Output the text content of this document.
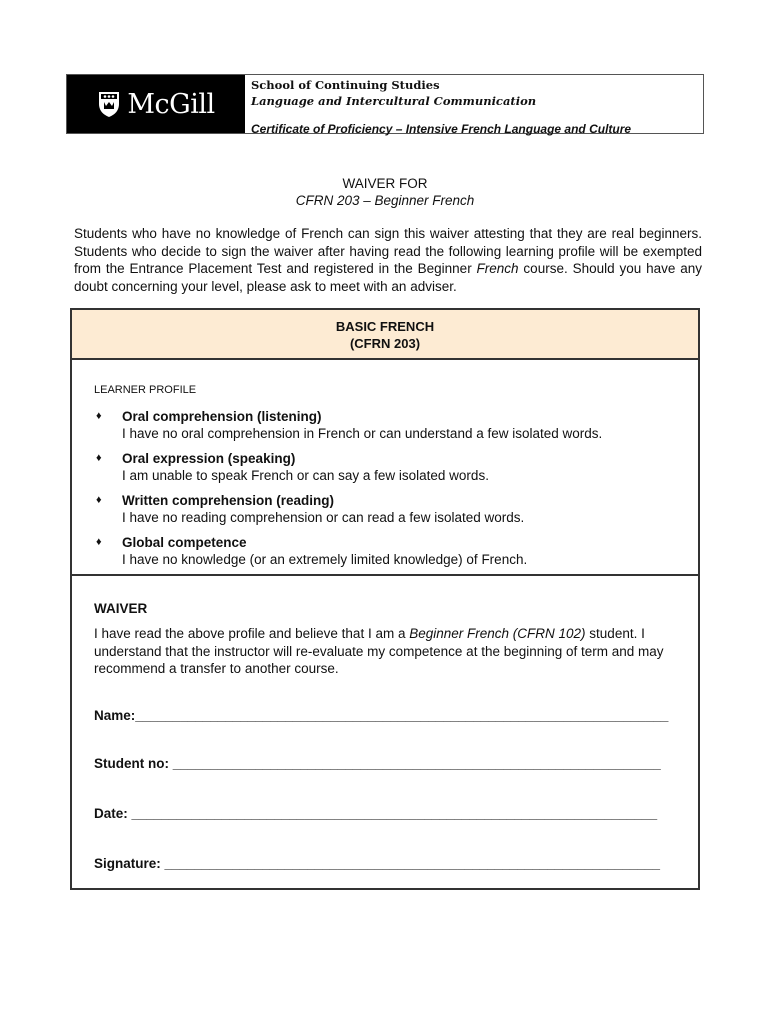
McGill
School of Continuing Studies
Language and Intercultural Communication
Certificate of Proficiency – Intensive French Language and Culture
WAIVER FOR
CFRN 203 – Beginner French
Students who have no knowledge of French can sign this waiver attesting that they are real beginners. Students who decide to sign the waiver after having read the following learning profile will be exempted from the Entrance Placement Test and registered in the Beginner French course. Should you have any doubt concerning your level, please ask to meet with an adviser.
BASIC FRENCH
(CFRN 203)
LEARNER PROFILE
♦ Oral comprehension (listening)
I have no oral comprehension in French or can understand a few isolated words.
♦ Oral expression (speaking)
I am unable to speak French or can say a few isolated words.
♦ Written comprehension (reading)
I have no reading comprehension or can read a few isolated words.
♦ Global competence
I have no knowledge (or an extremely limited knowledge) of French.
WAIVER
I have read the above profile and believe that I am a Beginner French (CFRN 102) student. I understand that the instructor will re-evaluate my competence at the beginning of term and may recommend a transfer to another course.
Name:_______________________________________________________________________
Student no: _________________________________________________________________
Date: ______________________________________________________________________
Signature: __________________________________________________________________
